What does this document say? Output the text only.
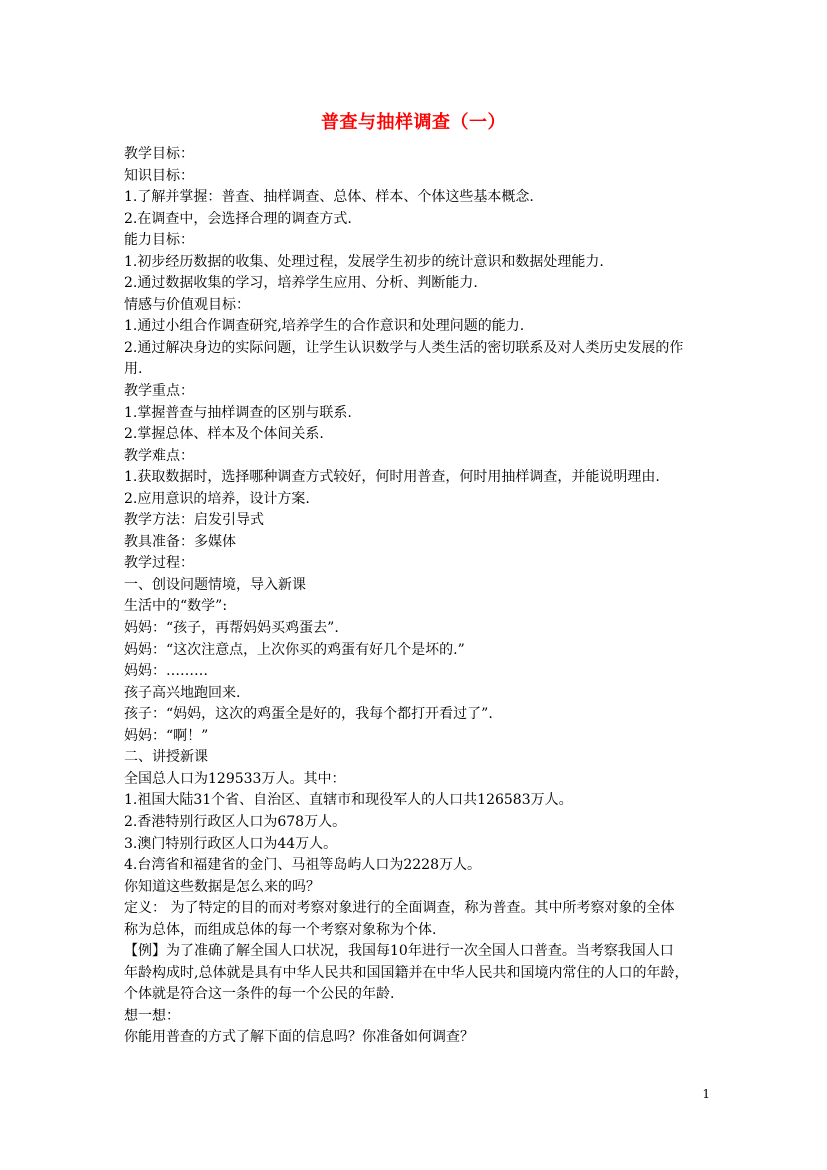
普查与抽样调查（一）
教学目标：
知识目标：
1.了解并掌握：普查、抽样调查、总体、样本、个体这些基本概念.
2.在调查中，会选择合理的调查方式.
能力目标：
1.初步经历数据的收集、处理过程，发展学生初步的统计意识和数据处理能力.
2.通过数据收集的学习，培养学生应用、分析、判断能力.
情感与价值观目标：
1.通过小组合作调查研究,培养学生的合作意识和处理问题的能力.
2.通过解决身边的实际问题，让学生认识数学与人类生活的密切联系及对人类历史发展的作
用.
教学重点：
1.掌握普查与抽样调查的区别与联系.
2.掌握总体、样本及个体间关系.
教学难点：
1.获取数据时，选择哪种调查方式较好，何时用普查，何时用抽样调查，并能说明理由.
2.应用意识的培养，设计方案.
教学方法：启发引导式
教具准备：多媒体
教学过程：
一、创设问题情境，导入新课
生活中的“数学”:
妈妈：“孩子，再帮妈妈买鸡蛋去”.
妈妈：“这次注意点，上次你买的鸡蛋有好几个是坏的.”
妈妈：………
孩子高兴地跑回来.
孩子：“妈妈，这次的鸡蛋全是好的，我每个都打开看过了”.
妈妈：“啊！”
二、讲授新课
全国总人口为129533万人。其中：
1.祖国大陆31个省、自治区、直辖市和现役军人的人口共126583万人。
2.香港特别行政区人口为678万人。
3.澳门特别行政区人口为44万人。
4.台湾省和福建省的金门、马祖等岛屿人口为2228万人。
你知道这些数据是怎么来的吗？
定义： 为了特定的目的而对考察对象进行的全面调查，称为普查。其中所考察对象的全体
称为总体，而组成总体的每一个考察对象称为个体.
【例】为了准确了解全国人口状况，我国每10年进行一次全国人口普查。当考察我国人口
年龄构成时,总体就是具有中华人民共和国国籍并在中华人民共和国境内常住的人口的年龄，
个体就是符合这一条件的每一个公民的年龄.
想一想：
你能用普查的方式了解下面的信息吗？你准备如何调查？
1
